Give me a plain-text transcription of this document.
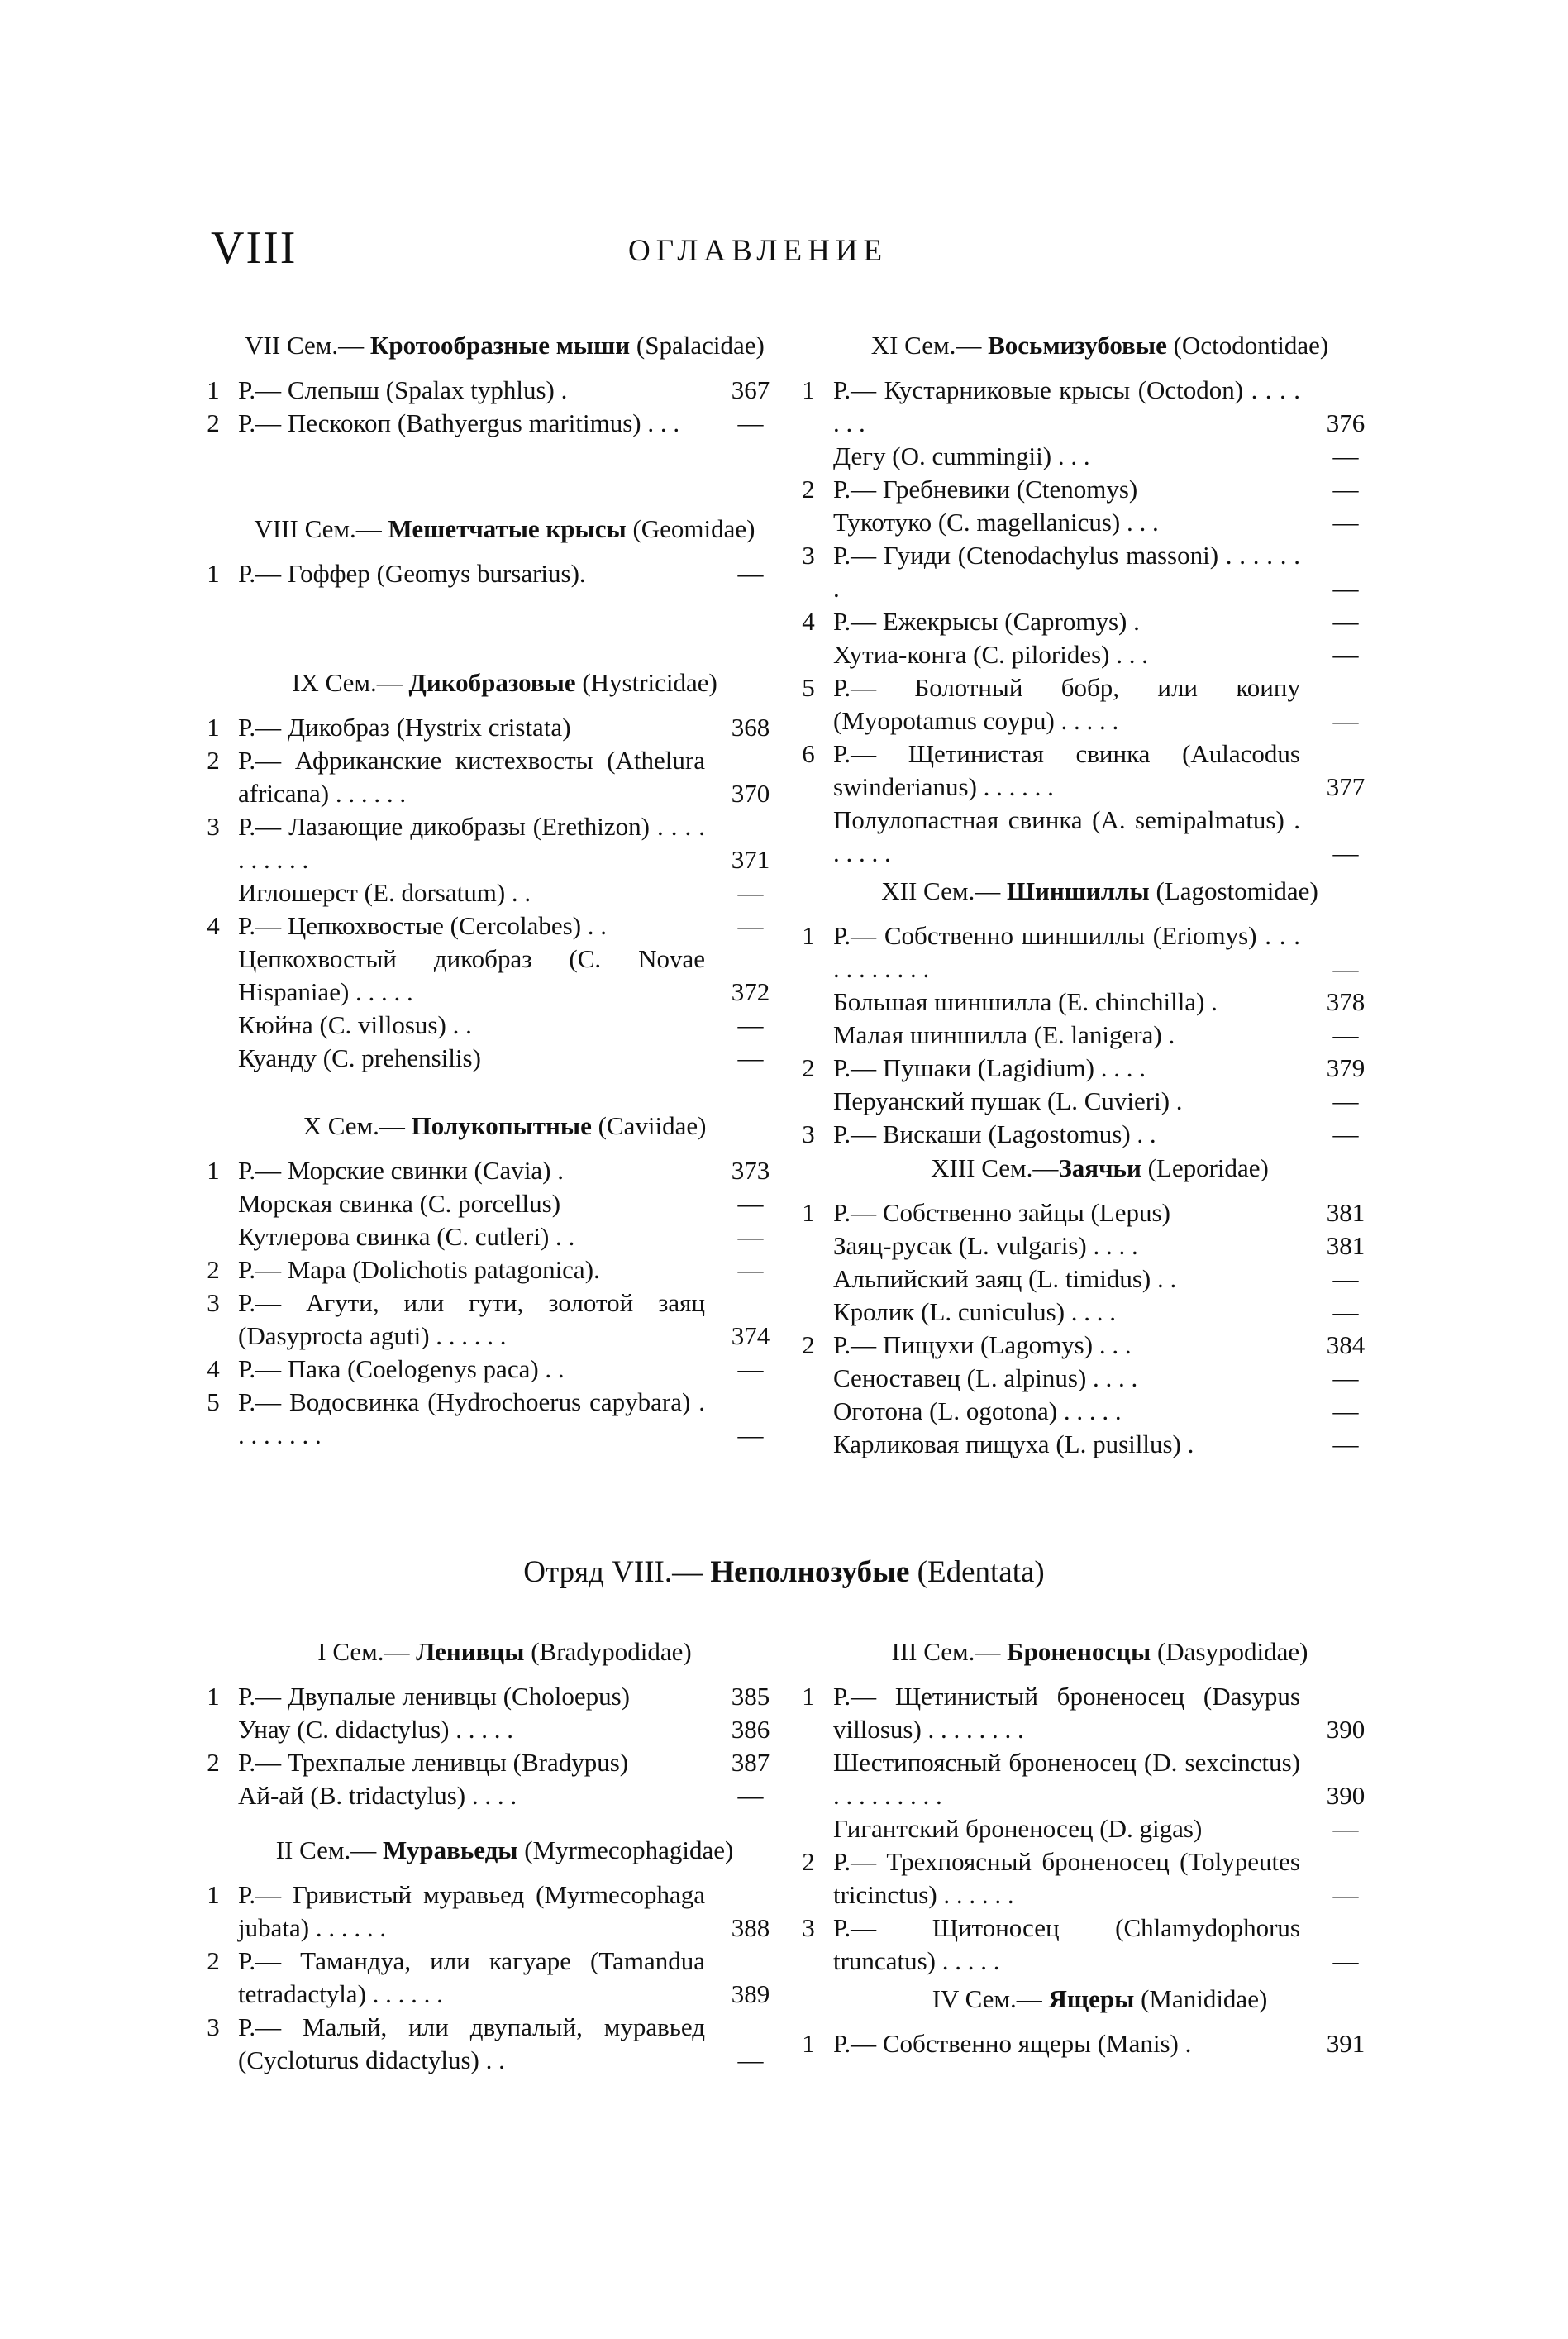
VIII	ОГЛАВЛЕНИЕ
VII Сем.— Кротообразные мыши (Spalacidae)
1 Р.— Слепыш (Spalax typhlus) .	367
2 Р.— Пескокоп (Bathyergus maritimus) . . .	—
VIII Сем.— Мешетчатые крысы (Geomidae)
1 Р.— Гоффер (Geomys bursarius).	—
IX Сем.— Дикобразовые (Hystricidae)
1 Р.— Дикобраз (Hystrix cristata)	368
2 Р.— Африканские кистехвосты (Athelura africana) . . . . . .	370
3 Р.— Лазающие дикобразы (Erethizon) . . . . . . . . . .	371
Иглошерст (E. dorsatum) . .	—
4 Р.— Цепкохвостые (Cercolabes) . .	—
Цепкохвостый дикобраз (C. Novae Hispaniae) . . . . .	372
Кюйна (C. villosus) . .	—
Куанду (C. prehensilis)	—
X Сем.— Полукопытные (Caviidae)
1 Р.— Морские свинки (Cavia) .	373
Морская свинка (C. porcellus)	—
Кутлерова свинка (C. cutleri) . .	—
2 Р.— Мара (Dolichotis patagonica).	—
3 Р.— Агути, или гути, золотой заяц (Dasyprocta aguti) . . . . . .	374
4 Р.— Пака (Coelogenys paca) . .	—
5 Р.— Водосвинка (Hydrochoerus capybara) . . . . . . . .	—
XI Сем.— Восьмизубовые (Octodontidae)
1 Р.— Кустарниковые крысы (Octodon) . . . . . . .	376
Дегу (O. cummingii) . . .	—
2 Р.— Гребневики (Ctenomys)	—
Тукотуко (C. magellanicus) . . .	—
3 Р.— Гуиди (Ctenodachylus massoni) . . . . . . .	—
4 Р.— Ежекрысы (Capromys) .	—
Хутиа-конга (C. pilorides) . . .	—
5 Р.— Болотный бобр, или коипу (Myopotamus coypu) . . . . .	—
6 Р.— Щетинистая свинка (Aulacodus swinderianus) . . . . . .	377
Полулопастная свинка (A. semipalmatus) . . . . . .	—
XII Сем.— Шиншиллы (Lagostomidae)
1 Р.— Собственно шиншиллы (Eriomys) . . . . . . . . . . .	—
Большая шиншилла (E. chinchilla) .	378
Малая шиншилла (E. lanigera) .	—
2 Р.— Пушаки (Lagidium) . . . .	379
Перуанский пушак (L. Cuvieri) .	—
3 Р.— Вискаши (Lagostomus) . .	—
XIII Сем.—Заячьи (Leporidae)
1 Р.— Собственно зайцы (Lepus)	381
Заяц-русак (L. vulgaris) . . . .	381
Альпийский заяц (L. timidus) . .	—
Кролик (L. cuniculus) . . . .	—
2 Р.— Пищухи (Lagomys) . . .	384
Сеноставец (L. alpinus) . . . .	—
Оготона (L. ogotona) . . . . .	—
Карликовая пищуха (L. pusillus) .	—
Отряд VIII.— Неполнозубые (Edentata)
I Сем.— Ленивцы (Bradypodidae)
1 Р.— Двупалые ленивцы (Choloepus)	385
Унау (C. didactylus) . . . . .	386
2 Р.— Трехпалые ленивцы (Bradypus)	387
Ай-ай (B. tridactylus) . . . .	—
II Сем.— Муравьеды (Myrmecophagidae)
1 Р.— Гривистый муравьед (Myrmecophaga jubata) . . . . . .	388
2 Р.— Тамандуа, или кагуаре (Tamandua tetradactyla) . . . . . .	389
3 Р.— Малый, или двупалый, муравьед (Cycloturus didactylus) . .	—
III Сем.— Броненосцы (Dasypodidae)
1 Р.— Щетинистый броненосец (Dasypus villosus) . . . . . . . .	390
Шестипоясный броненосец (D. sexcinctus) . . . . . . . . .	390
Гигантский броненосец (D. gigas)	—
2 Р.— Трехпоясный броненосец (Tolypeutes tricinctus) . . . . . .	—
3 Р.— Щитоносец (Chlamydophorus truncatus) . . . . .	—
IV Сем.— Ящеры (Manididae)
1 Р.— Собственно ящеры (Manis) .	391
